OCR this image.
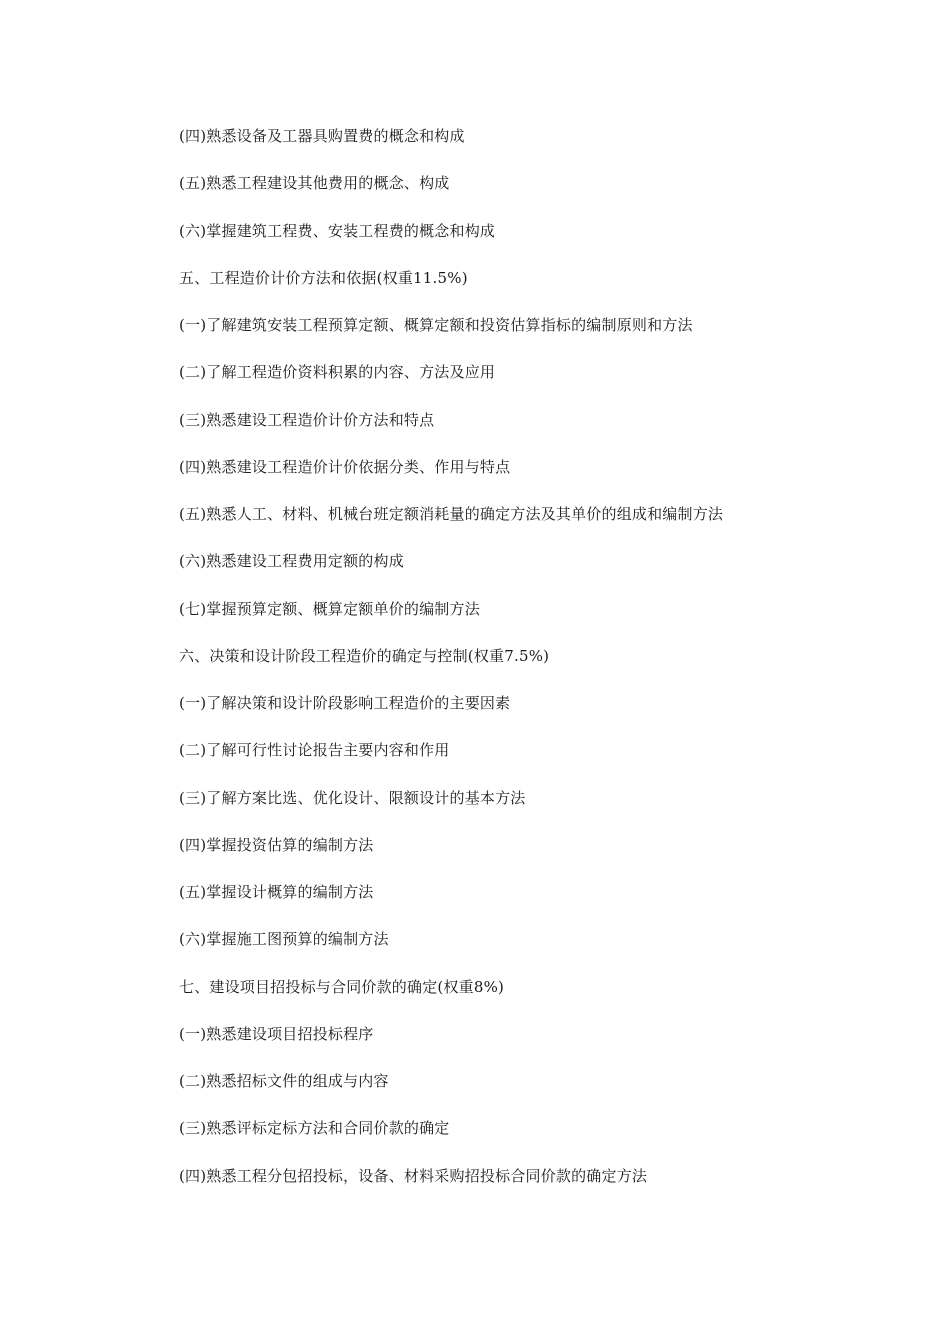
(四)熟悉设备及工器具购置费的概念和构成
(五)熟悉工程建设其他费用的概念、构成
(六)掌握建筑工程费、安装工程费的概念和构成
五、工程造价计价方法和依据(权重11.5%)
(一)了解建筑安装工程预算定额、概算定额和投资估算指标的编制原则和方法
(二)了解工程造价资料积累的内容、方法及应用
(三)熟悉建设工程造价计价方法和特点
(四)熟悉建设工程造价计价依据分类、作用与特点
(五)熟悉人工、材料、机械台班定额消耗量的确定方法及其单价的组成和编制方法
(六)熟悉建设工程费用定额的构成
(七)掌握预算定额、概算定额单价的编制方法
六、决策和设计阶段工程造价的确定与控制(权重7.5%)
(一)了解决策和设计阶段影响工程造价的主要因素
(二)了解可行性讨论报告主要内容和作用
(三)了解方案比选、优化设计、限额设计的基本方法
(四)掌握投资估算的编制方法
(五)掌握设计概算的编制方法
(六)掌握施工图预算的编制方法
七、建设项目招投标与合同价款的确定(权重8%)
(一)熟悉建设项目招投标程序
(二)熟悉招标文件的组成与内容
(三)熟悉评标定标方法和合同价款的确定
(四)熟悉工程分包招投标，设备、材料采购招投标合同价款的确定方法
